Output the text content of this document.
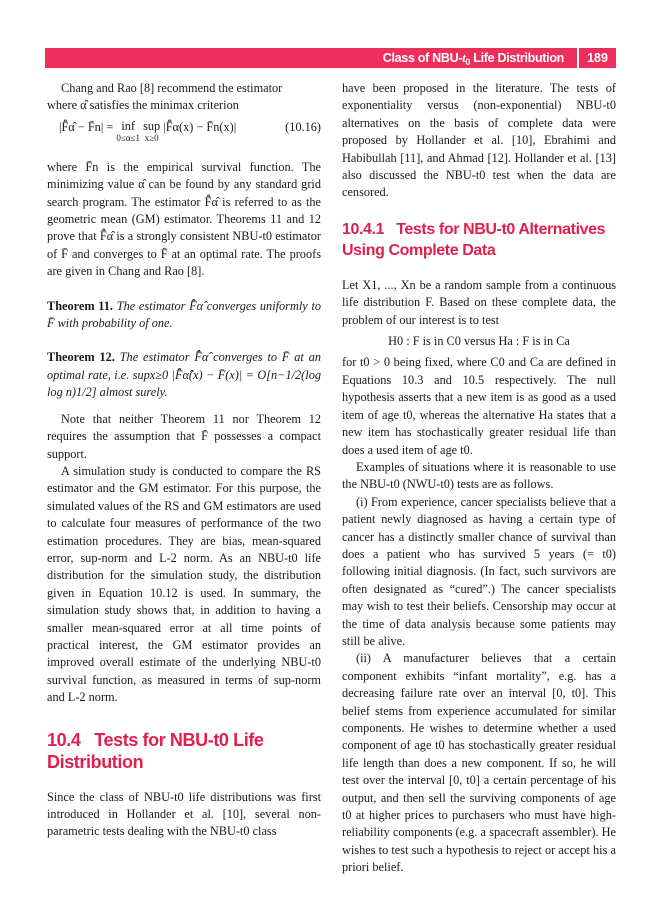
Class of NBU-$t_0$ Life Distribution	189

Chang and Rao [8] recommend the estimator

where α̂ satisfies the minimax criterion

|F̂̄α̂ − F̄n| = inf
0≤α≤1
sup
x≥0
|F̂̄α(x) − F̄n(x)|	(10.16)

where F̄n is the empirical survival function. The minimizing value α̂ can be found by any standard grid search program. The estimator F̂̄α̂ is referred to as the geometric mean (GM) estimator. Theorems 11 and 12 prove that F̂̄α̂ is a strongly consistent NBU-t0 estimator of F̄ and converges to F̄ at an optimal rate. The proofs are given in Chang and Rao [8].

Theorem 11. The estimator F̂̄α̂ converges uniformly to F̄ with probability of one.

Theorem 12. The estimator F̂̄α̂ converges to F̄ at an optimal rate, i.e. supx≥0 |F̂̄α̂(x) − F̄(x)| = O[n−1/2(log log n)1/2] almost surely.

Note that neither Theorem 11 nor Theorem 12 requires the assumption that F̄ possesses a compact support.

A simulation study is conducted to compare the RS estimator and the GM estimator. For this purpose, the simulated values of the RS and GM estimators are used to calculate four measures of performance of the two estimation procedures. They are bias, mean-squared error, sup-norm and L-2 norm. As an NBU-t0 life distribution for the simulation study, the distribution given in Equation 10.12 is used. In summary, the simulation study shows that, in addition to having a smaller mean-squared error at all time points of practical interest, the GM estimator provides an improved overall estimate of the underlying NBU-t0 survival function, as measured in terms of sup-norm and L-2 norm.

10.4 Tests for NBU-t0 Life Distribution

Since the class of NBU-t0 life distributions was first introduced in Hollander et al. [10], several non-parametric tests dealing with the NBU-t0 class

have been proposed in the literature. The tests of exponentiality versus (non-exponential) NBU-t0 alternatives on the basis of complete data were proposed by Hollander et al. [10], Ebrahimi and Habibullah [11], and Ahmad [12]. Hollander et al. [13] also discussed the NBU-t0 test when the data are censored.

10.4.1 Tests for NBU-t0 Alternatives Using Complete Data

Let X1, ..., Xn be a random sample from a continuous life distribution F. Based on these complete data, the problem of our interest is to test

H0 : F is in C0 versus Ha : F is in Ca

for t0 > 0 being fixed, where C0 and Ca are defined in Equations 10.3 and 10.5 respectively. The null hypothesis asserts that a new item is as good as a used item of age t0, whereas the alternative Ha states that a new item has stochastically greater residual life than does a used item of age t0.

Examples of situations where it is reasonable to use the NBU-t0 (NWU-t0) tests are as follows.

(i) From experience, cancer specialists believe that a patient newly diagnosed as having a certain type of cancer has a distinctly smaller chance of survival than does a patient who has survived 5 years (= t0) following initial diagnosis. (In fact, such survivors are often designated as “cured”.) The cancer specialists may wish to test their beliefs. Censorship may occur at the time of data analysis because some patients may still be alive.

(ii) A manufacturer believes that a certain component exhibits “infant mortality”, e.g. has a decreasing failure rate over an interval [0, t0]. This belief stems from experience accumulated for similar components. He wishes to determine whether a used component of age t0 has stochastically greater residual life length than does a new component. If so, he will test over the interval [0, t0] a certain percentage of his output, and then sell the surviving components of age t0 at higher prices to purchasers who must have high-reliability components (e.g. a spacecraft assembler). He wishes to test such a hypothesis to reject or accept his a priori belief.
